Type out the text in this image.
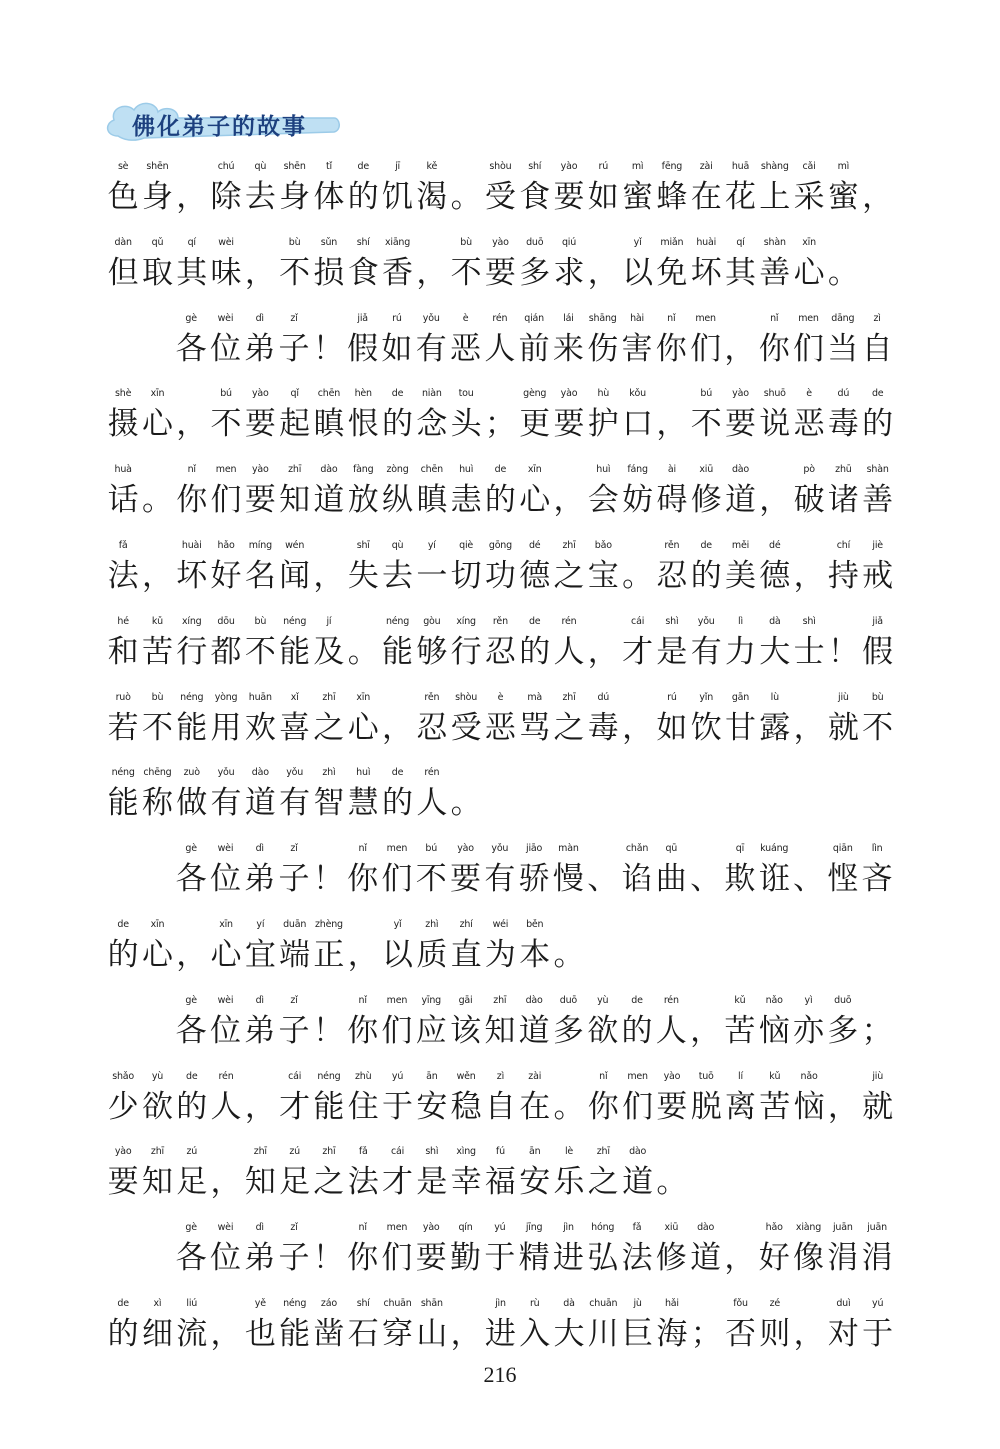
佛化弟子的故事
sè
色
shēn
身 ，
chú
除
qù
去
shēn
身
tǐ
体
de
的
jī
饥
kě
渴 。
shòu
受
shí
食
yào
要
rú
如
mì
蜜
fēng
蜂
zài
在
huā
花
shàng
上
cǎi
采
mì
蜜 ，
dàn
但
qǔ
取
qí
其
wèi
味 ，
bù
不
sǔn
损
shí
食
xiāng
香 ，
bù
不
yào
要
duō
多
qiú
求 ，
yǐ
以
miǎn
免
huài
坏
qí
其
shàn
善
xīn
心 。
gè
各
wèi
位
dì
弟
zǐ
子 ！
jiǎ
假
rú
如
yǒu
有
è
恶
rén
人
qián
前
lái
来
shāng
伤
hài
害
nǐ
你
men
们 ，
nǐ
你
men
们
dāng
当
zì
自
shè
摄
xīn
心 ，
bú
不
yào
要
qǐ
起
chēn
瞋
hèn
恨
de
的
niàn
念
tou
头 ；
gèng
更
yào
要
hù
护
kǒu
口 ，
bú
不
yào
要
shuō
说
è
恶
dú
毒
de
的
huà
话 。
nǐ
你
men
们
yào
要
zhī
知
dào
道
fàng
放
zòng
纵
chēn
瞋
huì
恚
de
的
xīn
心 ，
huì
会
fáng
妨
ài
碍
xiū
修
dào
道 ，
pò
破
zhū
诸
shàn
善
fǎ
法 ，
huài
坏
hǎo
好
míng
名
wén
闻 ，
shī
失
qù
去
yí
一
qiè
切
gōng
功
dé
德
zhī
之
bǎo
宝 。
rěn
忍
de
的
měi
美
dé
德 ，
chí
持
jiè
戒
hé
和
kǔ
苦
xíng
行
dōu
都
bù
不
néng
能
jí
及 。
néng
能
gòu
够
xíng
行
rěn
忍
de
的
rén
人 ，
cái
才
shì
是
yǒu
有
lì
力
dà
大
shì
士 ！
jiǎ
假
ruò
若
bù
不
néng
能
yòng
用
huān
欢
xǐ
喜
zhī
之
xīn
心 ，
rěn
忍
shòu
受
è
恶
mà
骂
zhī
之
dú
毒 ，
rú
如
yǐn
饮
gān
甘
lù
露 ，
jiù
就
bù
不
néng
能
chēng
称
zuò
做
yǒu
有
dào
道
yǒu
有
zhì
智
huì
慧
de
的
rén
人 。
gè
各
wèi
位
dì
弟
zǐ
子 ！
nǐ
你
men
们
bú
不
yào
要
yǒu
有
jiāo
骄
màn
慢 、
chǎn
谄
qū
曲 、
qī
欺
kuáng
诳 、
qiān
悭
lìn
吝
de
的
xīn
心 ，
xīn
心
yí
宜
duān
端
zhèng
正 ，
yǐ
以
zhì
质
zhí
直
wéi
为
běn
本 。
gè
各
wèi
位
dì
弟
zǐ
子 ！
nǐ
你
men
们
yīng
应
gāi
该
zhī
知
dào
道
duō
多
yù
欲
de
的
rén
人 ，
kǔ
苦
nǎo
恼
yì
亦
duō
多 ；
shǎo
少
yù
欲
de
的
rén
人 ，
cái
才
néng
能
zhù
住
yú
于
ān
安
wěn
稳
zì
自
zài
在 。
nǐ
你
men
们
yào
要
tuō
脱
lí
离
kǔ
苦
nǎo
恼 ，
jiù
就
yào
要
zhī
知
zú
足 ，
zhī
知
zú
足
zhī
之
fǎ
法
cái
才
shì
是
xìng
幸
fú
福
ān
安
lè
乐
zhī
之
dào
道 。
gè
各
wèi
位
dì
弟
zǐ
子 ！
nǐ
你
men
们
yào
要
qín
勤
yú
于
jīng
精
jìn
进
hóng
弘
fǎ
法
xiū
修
dào
道 ，
hǎo
好
xiàng
像
juān
涓
juān
涓
de
的
xì
细
liú
流 ，
yě
也
néng
能
záo
凿
shí
石
chuān
穿
shān
山 ，
jìn
进
rù
入
dà
大
chuān
川
jù
巨
hǎi
海 ；
fǒu
否
zé
则 ，
duì
对
yú
于
216
